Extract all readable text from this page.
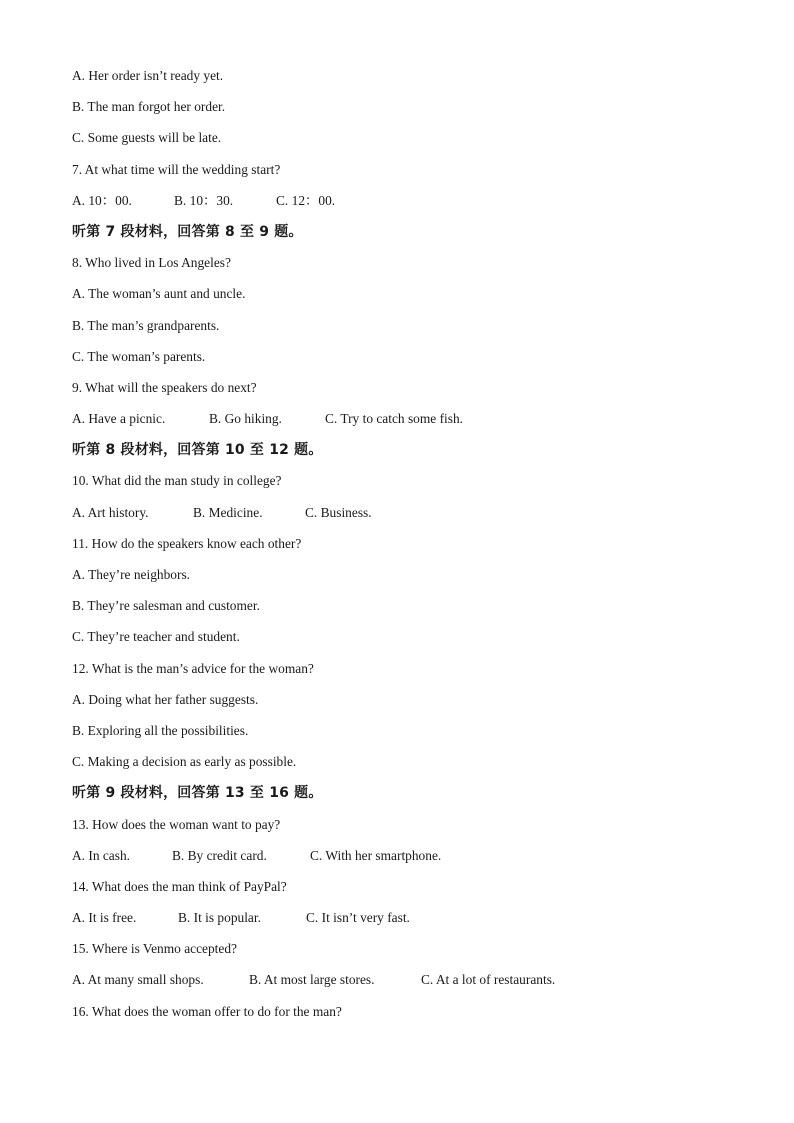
A. Her order isn’t ready yet.
B. The man forgot her order.
C. Some guests will be late.
7. At what time will the wedding start?
A. 10：00.	B. 10：30.	C. 12：00.
听第 7 段材料，回答第 8 至 9 题。
8. Who lived in Los Angeles?
A. The woman’s aunt and uncle.
B. The man’s grandparents.
C. The woman’s parents.
9. What will the speakers do next?
A. Have a picnic.	B. Go hiking.	C. Try to catch some fish.
听第 8 段材料，回答第 10 至 12 题。
10. What did the man study in college?
A. Art history.	B. Medicine.	C. Business.
11. How do the speakers know each other?
A. They’re neighbors.
B. They’re salesman and customer.
C. They’re teacher and student.
12. What is the man’s advice for the woman?
A. Doing what her father suggests.
B. Exploring all the possibilities.
C. Making a decision as early as possible.
听第 9 段材料，回答第 13 至 16 题。
13. How does the woman want to pay?
A. In cash.	B. By credit card.	C. With her smartphone.
14. What does the man think of PayPal?
A. It is free.	B. It is popular.	C. It isn’t very fast.
15. Where is Venmo accepted?
A. At many small shops.	B. At most large stores.	C. At a lot of restaurants.
16. What does the woman offer to do for the man?
